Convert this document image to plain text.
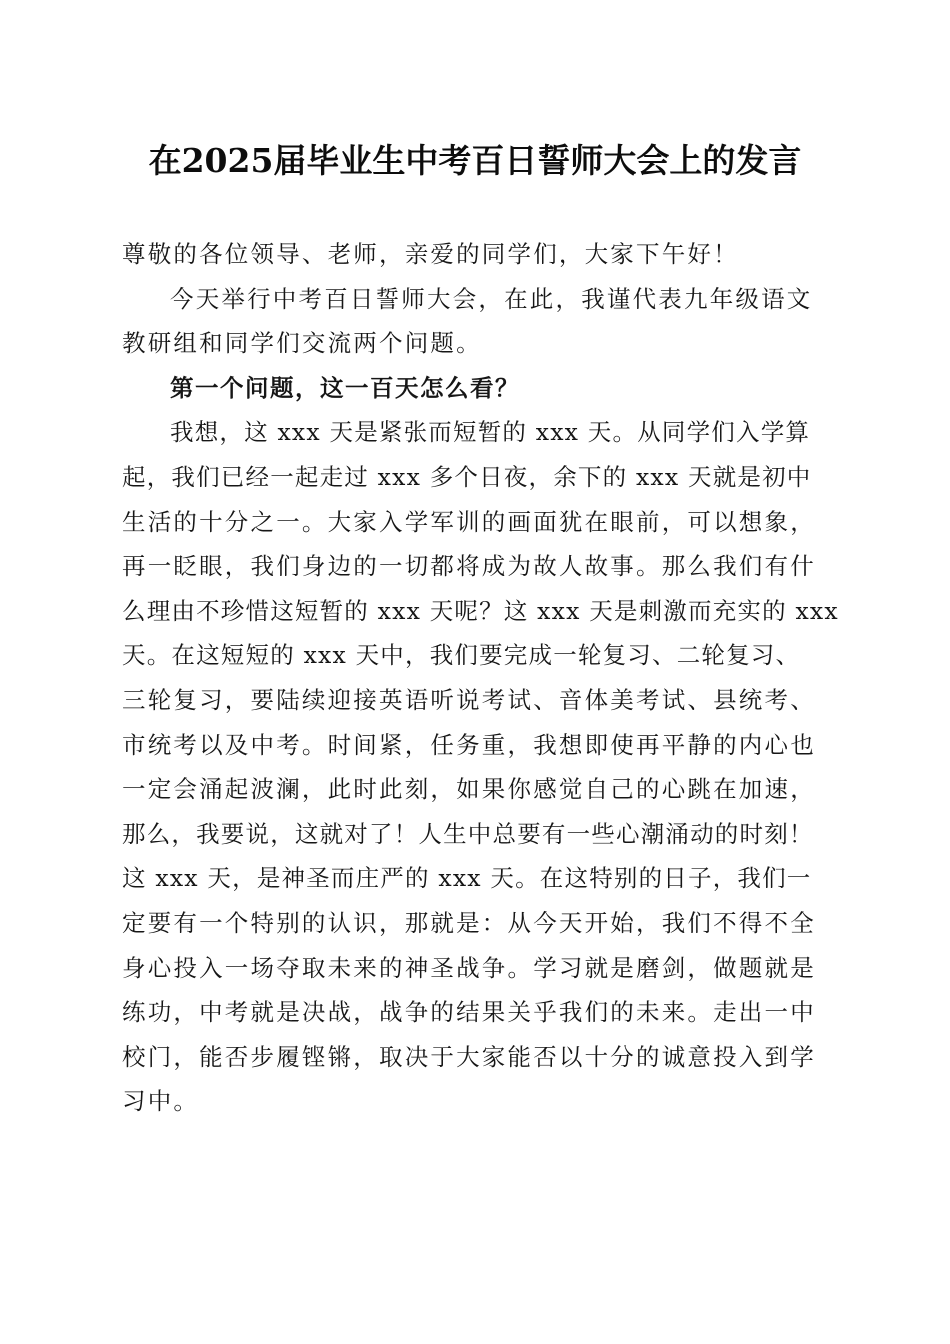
在2025届毕业生中考百日誓师大会上的发言
尊敬的各位领导、老师，亲爱的同学们，大家下午好！
今天举行中考百日誓师大会，在此，我谨代表九年级语文
教研组和同学们交流两个问题。
第一个问题，这一百天怎么看？
我想，这 xxx 天是紧张而短暂的 xxx 天。从同学们入学算
起，我们已经一起走过 xxx 多个日夜，余下的 xxx 天就是初中
生活的十分之一。大家入学军训的画面犹在眼前，可以想象，
再一眨眼，我们身边的一切都将成为故人故事。那么我们有什
么理由不珍惜这短暂的 xxx 天呢？这 xxx 天是刺激而充实的 xxx
天。在这短短的 xxx 天中，我们要完成一轮复习、二轮复习、
三轮复习，要陆续迎接英语听说考试、音体美考试、县统考、
市统考以及中考。时间紧，任务重，我想即使再平静的内心也
一定会涌起波澜，此时此刻，如果你感觉自己的心跳在加速，
那么，我要说，这就对了！人生中总要有一些心潮涌动的时刻！
这 xxx 天，是神圣而庄严的 xxx 天。在这特别的日子，我们一
定要有一个特别的认识，那就是：从今天开始，我们不得不全
身心投入一场夺取未来的神圣战争。学习就是磨剑，做题就是
练功，中考就是决战，战争的结果关乎我们的未来。走出一中
校门，能否步履铿锵，取决于大家能否以十分的诚意投入到学
习中。
